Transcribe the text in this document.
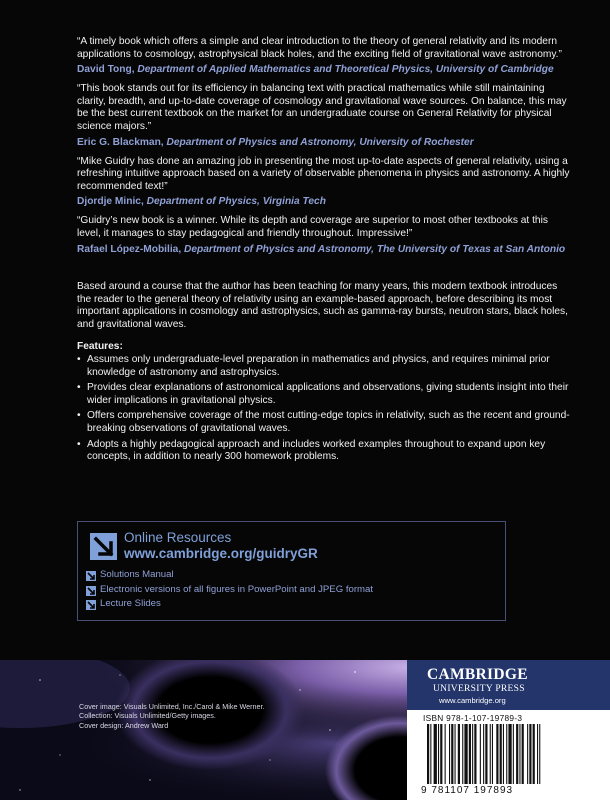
“A timely book which offers a simple and clear introduction to the theory of general relativity and its modern applications to cosmology, astrophysical black holes, and the exciting field of gravitational wave astronomy.”

David Tong, Department of Applied Mathematics and Theoretical Physics, University of Cambridge

“This book stands out for its efficiency in balancing text with practical mathematics while still maintaining clarity, breadth, and up-to-date coverage of cosmology and gravitational wave sources. On balance, this may be the best current textbook on the market for an undergraduate course on General Relativity for physical science majors.”

Eric G. Blackman, Department of Physics and Astronomy, University of Rochester

“Mike Guidry has done an amazing job in presenting the most up-to-date aspects of general relativity, using a refreshing intuitive approach based on a variety of observable phenomena in physics and astronomy. A highly recommended text!”

Djordje Minic, Department of Physics, Virginia Tech

“Guidry’s new book is a winner. While its depth and coverage are superior to most other textbooks at this level, it manages to stay pedagogical and friendly throughout. Impressive!”

Rafael López-Mobilia, Department of Physics and Astronomy, The University of Texas at San Antonio

Based around a course that the author has been teaching for many years, this modern textbook introduces the reader to the general theory of relativity using an example-based approach, before describing its most important applications in cosmology and astrophysics, such as gamma-ray bursts, neutron stars, black holes, and gravitational waves.

Features:

• Assumes only undergraduate-level preparation in mathematics and physics, and requires minimal prior knowledge of astronomy and astrophysics.
• Provides clear explanations of astronomical applications and observations, giving students insight into their wider implications in gravitational physics.
• Offers comprehensive coverage of the most cutting-edge topics in relativity, such as the recent and ground-breaking observations of gravitational waves.
• Adopts a highly pedagogical approach and includes worked examples throughout to expand upon key concepts, in addition to nearly 300 homework problems.
Online Resources
www.cambridge.org/guidryGR
Solutions Manual
Electronic versions of all figures in PowerPoint and JPEG format
Lecture Slides
Cover image: Visuals Unlimited, Inc./Carol & Mike Werner.
Collection: Visuals Unlimited/Getty images.
Cover design: Andrew Ward
CAMBRIDGE
UNIVERSITY PRESS
www.cambridge.org
ISBN 978-1-107-19789-3
9 781107 197893
